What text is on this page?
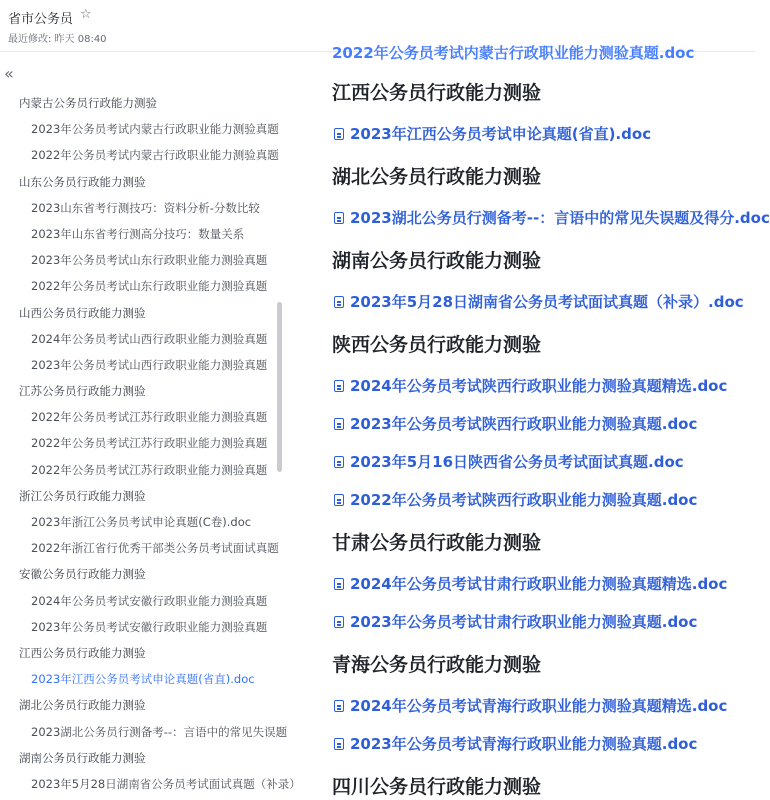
省市公务员 ☆
最近修改: 昨天 08:40
«
内蒙古公务员行政能力测验
2023年公务员考试内蒙古行政职业能力测验真题
2022年公务员考试内蒙古行政职业能力测验真题
山东公务员行政能力测验
2023山东省考行测技巧：资料分析-分数比较
2023年山东省考行测高分技巧：数量关系
2023年公务员考试山东行政职业能力测验真题
2022年公务员考试山东行政职业能力测验真题
山西公务员行政能力测验
2024年公务员考试山西行政职业能力测验真题
2023年公务员考试山西行政职业能力测验真题
江苏公务员行政能力测验
2022年公务员考试江苏行政职业能力测验真题
2022年公务员考试江苏行政职业能力测验真题
2022年公务员考试江苏行政职业能力测验真题
浙江公务员行政能力测验
2023年浙江公务员考试申论真题(C卷).doc
2022年浙江省行优秀干部类公务员考试面试真题
安徽公务员行政能力测验
2024年公务员考试安徽行政职业能力测验真题
2023年公务员考试安徽行政职业能力测验真题
江西公务员行政能力测验
2023年江西公务员考试申论真题(省直).doc
湖北公务员行政能力测验
2023湖北公务员行测备考--：言语中的常见失误题
湖南公务员行政能力测验
2023年5月28日湖南省公务员考试面试真题（补录）
2022年公务员考试内蒙古行政职业能力测验真题.doc
江西公务员行政能力测验
2023年江西公务员考试申论真题(省直).doc
湖北公务员行政能力测验
2023湖北公务员行测备考--：言语中的常见失误题及得分.doc
湖南公务员行政能力测验
2023年5月28日湖南省公务员考试面试真题（补录）.doc
陕西公务员行政能力测验
2024年公务员考试陕西行政职业能力测验真题精选.doc
2023年公务员考试陕西行政职业能力测验真题.doc
2023年5月16日陕西省公务员考试面试真题.doc
2022年公务员考试陕西行政职业能力测验真题.doc
甘肃公务员行政能力测验
2024年公务员考试甘肃行政职业能力测验真题精选.doc
2023年公务员考试甘肃行政职业能力测验真题.doc
青海公务员行政能力测验
2024年公务员考试青海行政职业能力测验真题精选.doc
2023年公务员考试青海行政职业能力测验真题.doc
四川公务员行政能力测验
